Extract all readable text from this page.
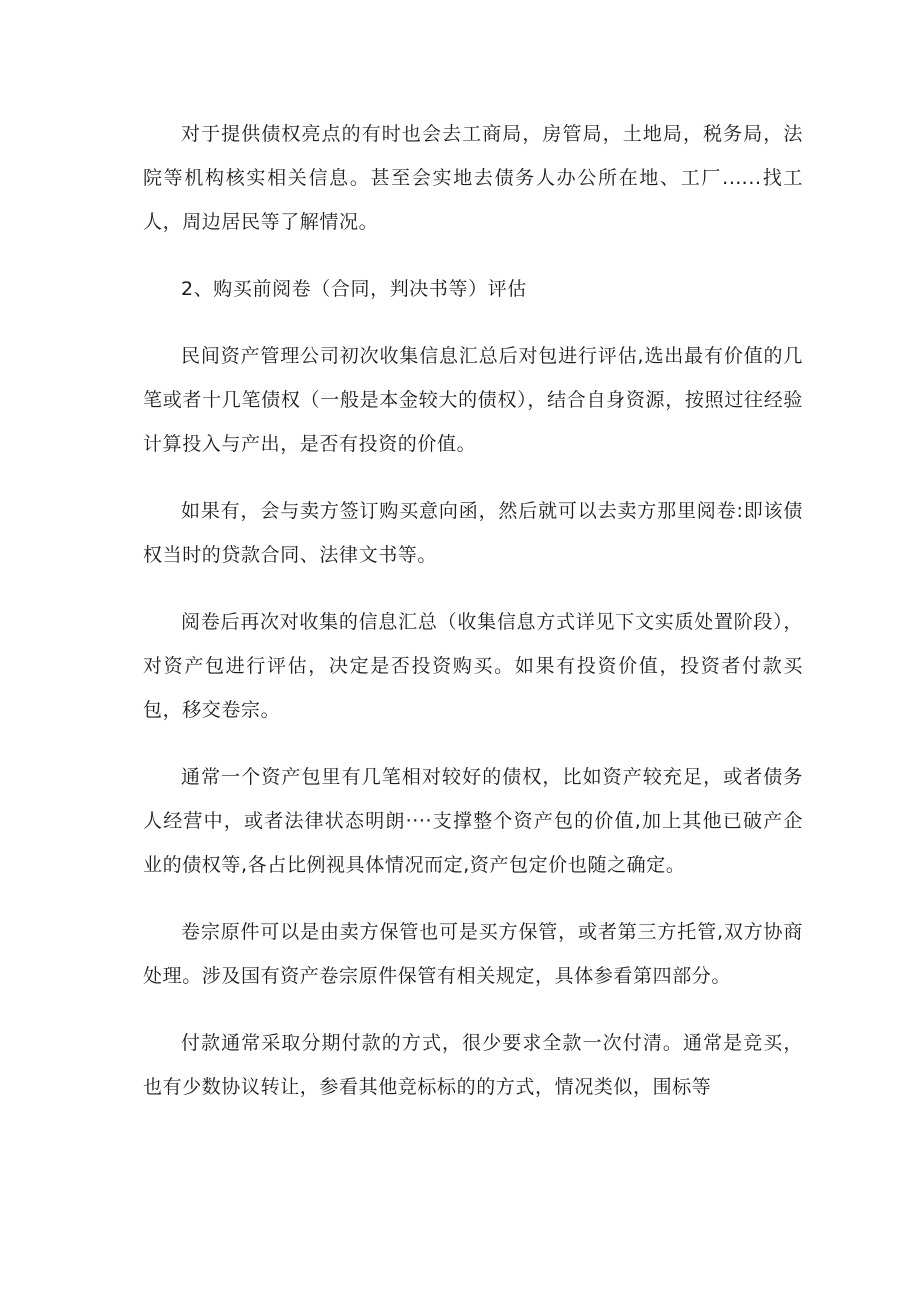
对于提供债权亮点的有时也会去工商局，房管局，土地局，税务局，法院等机构核实相关信息。甚至会实地去债务人办公所在地、工厂.…..找工人，周边居民等了解情况。

2、购买前阅卷（合同，判决书等）评估

民间资产管理公司初次收集信息汇总后对包进行评估,选出最有价值的几笔或者十几笔债权（一般是本金较大的债权），结合自身资源，按照过往经验计算投入与产出，是否有投资的价值。

如果有，会与卖方签订购买意向函，然后就可以去卖方那里阅卷:即该债权当时的贷款合同、法律文书等。

阅卷后再次对收集的信息汇总（收集信息方式详见下文实质处置阶段），对资产包进行评估，决定是否投资购买。如果有投资价值，投资者付款买包，移交卷宗。

通常一个资产包里有几笔相对较好的债权，比如资产较充足，或者债务人经营中，或者法律状态明朗····支撑整个资产包的价值,加上其他已破产企业的债权等,各占比例视具体情况而定,资产包定价也随之确定。

卷宗原件可以是由卖方保管也可是买方保管，或者第三方托管,双方协商处理。涉及国有资产卷宗原件保管有相关规定，具体参看第四部分。

付款通常采取分期付款的方式，很少要求全款一次付清。通常是竞买，也有少数协议转让，参看其他竞标标的的方式，情况类似，围标等
